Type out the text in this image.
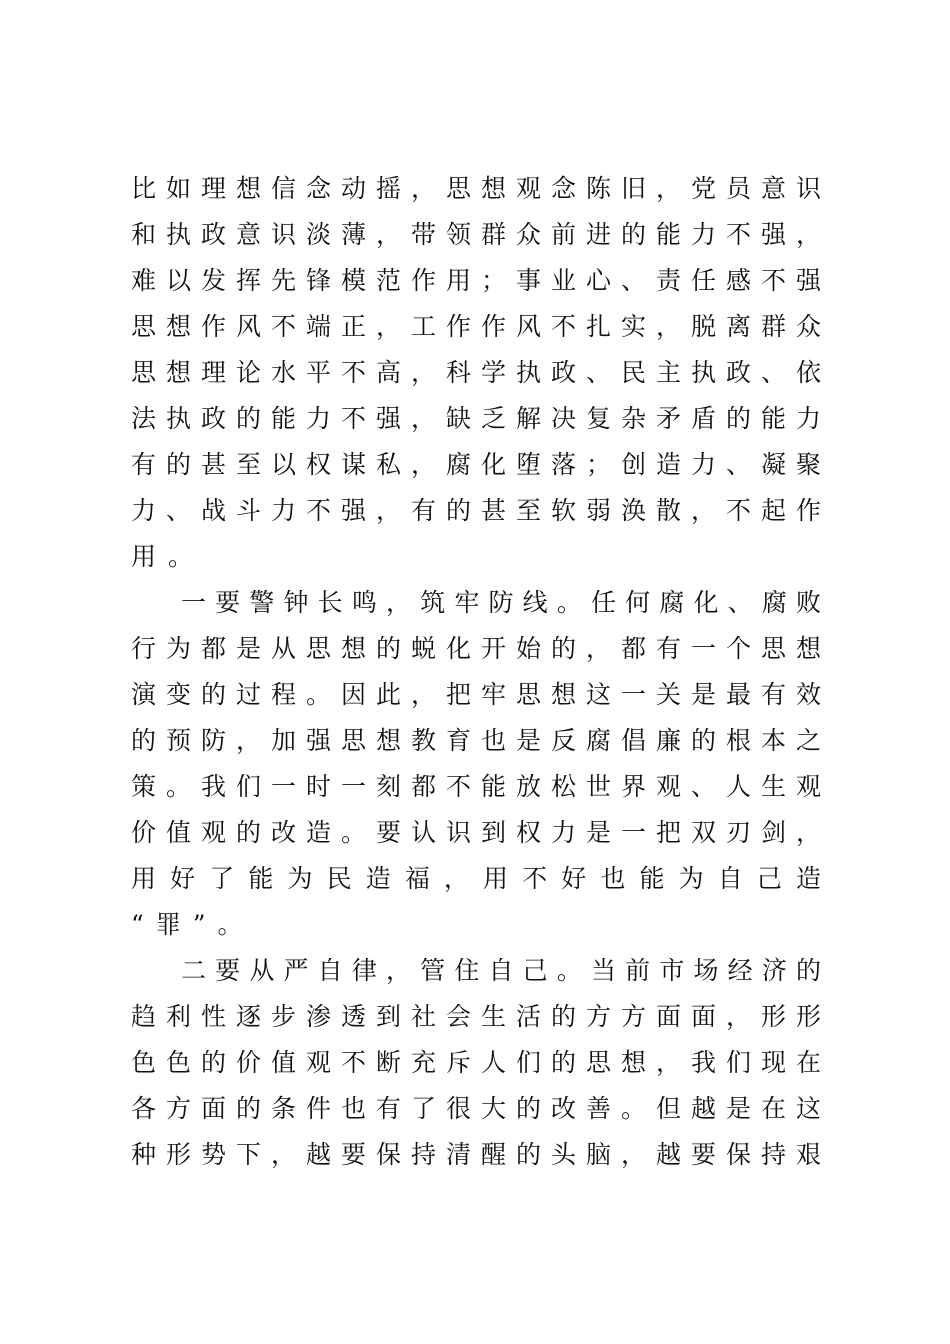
比如理想信念动摇，思想观念陈旧，党员意识
和执政意识淡薄，带领群众前进的能力不强，
难以发挥先锋模范作用；事业心、责任感不强
思想作风不端正，工作作风不扎实，脱离群众
思想理论水平不高，科学执政、民主执政、依
法执政的能力不强，缺乏解决复杂矛盾的能力
有的甚至以权谋私，腐化堕落；创造力、凝聚
力、战斗力不强，有的甚至软弱涣散，不起作
用。
一要警钟长鸣，筑牢防线。任何腐化、腐败
行为都是从思想的蜕化开始的，都有一个思想
演变的过程。因此，把牢思想这一关是最有效
的预防，加强思想教育也是反腐倡廉的根本之
策。我们一时一刻都不能放松世界观、人生观
价值观的改造。要认识到权力是一把双刃剑，
用好了能为民造福，用不好也能为自己造
“罪”。
二要从严自律，管住自己。当前市场经济的
趋利性逐步渗透到社会生活的方方面面，形形
色色的价值观不断充斥人们的思想，我们现在
各方面的条件也有了很大的改善。但越是在这
种形势下，越要保持清醒的头脑，越要保持艰
